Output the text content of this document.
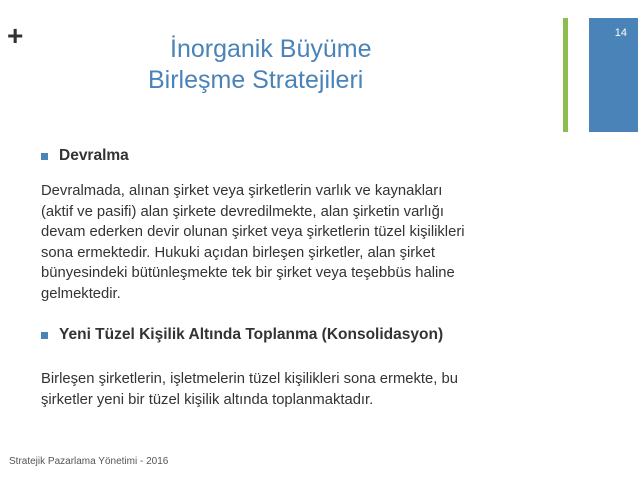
+	14
İnorganik Büyüme
Birleşme Stratejileri
Devralma
Devralmada, alınan şirket veya şirketlerin varlık ve kaynakları
(aktif ve pasifi) alan şirkete devredilmekte, alan şirketin varlığı
devam ederken devir olunan şirket veya şirketlerin tüzel kişilikleri
sona ermektedir. Hukuki açıdan birleşen şirketler, alan şirket
bünyesindeki bütünleşmekte tek bir şirket veya teşebbüs haline
gelmektedir.
Yeni Tüzel Kişilik Altında Toplanma (Konsolidasyon)
Birleşen şirketlerin, işletmelerin tüzel kişilikleri sona ermekte, bu
şirketler yeni bir tüzel kişilik altında toplanmaktadır.
Stratejik Pazarlama Yönetimi - 2016
